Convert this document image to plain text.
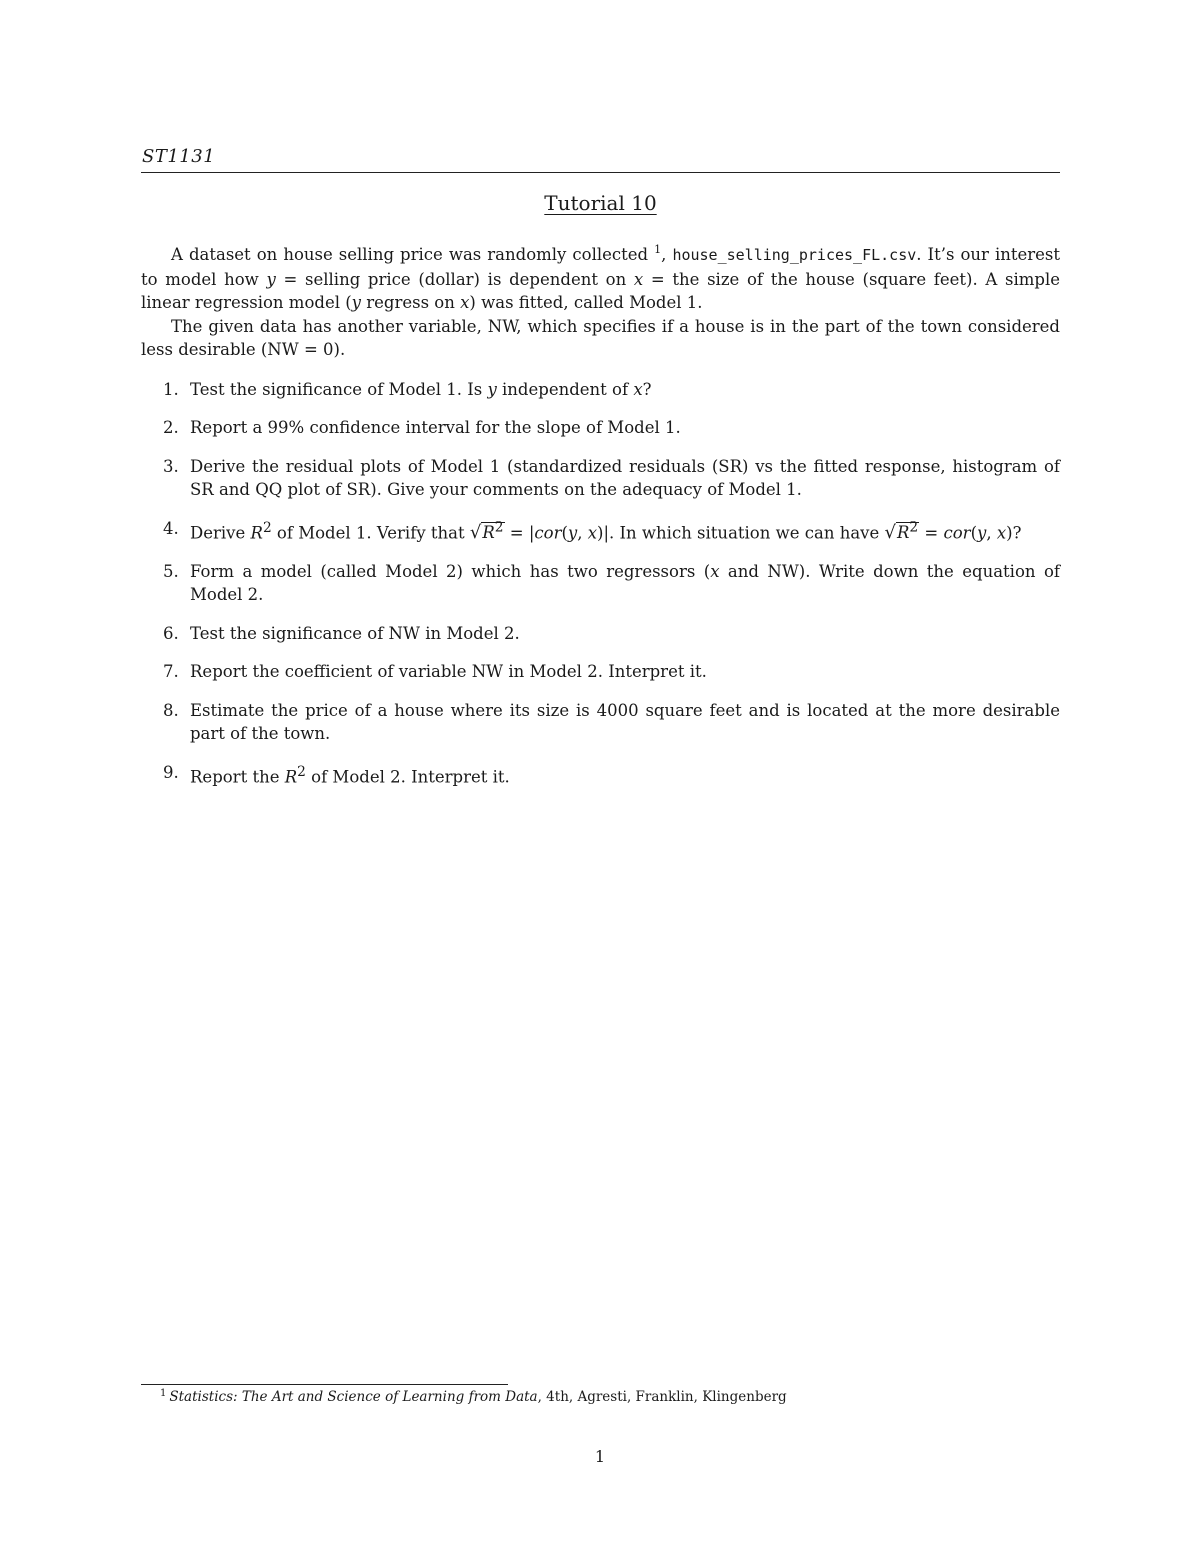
ST1131
Tutorial 10

A dataset on house selling price was randomly collected $^1$, house_selling_prices_FL.csv. It’s our interest to model how y = selling price (dollar) is dependent on x = the size of the house (square feet). A simple linear regression model (y regress on x) was fitted, called Model 1.

The given data has another variable, NW, which specifies if a house is in the part of the town considered less desirable (NW = 0).

1. Test the significance of Model 1. Is y independent of x?
2. Report a 99% confidence interval for the slope of Model 1.
3. Derive the residual plots of Model 1 (standardized residuals (SR) vs the fitted response, histogram of SR and QQ plot of SR). Give your comments on the adequacy of Model 1.
4. Derive $R^2$ of Model 1. Verify that $√R^2 = |cor(y$, x)|. In which situation we can have $√R^2 = cor(y$, x)?
5. Form a model (called Model 2) which has two regressors (x and NW). Write down the equation of Model 2.
6. Test the significance of NW in Model 2.
7. Report the coefficient of variable NW in Model 2. Interpret it.
8. Estimate the price of a house where its size is 4000 square feet and is located at the more desirable part of the town.
9. Report the $R^2$ of Model 2. Interpret it.
$^1$ Statistics: The Art and Science of Learning from Data, 4th, Agresti, Franklin, Klingenberg
1
